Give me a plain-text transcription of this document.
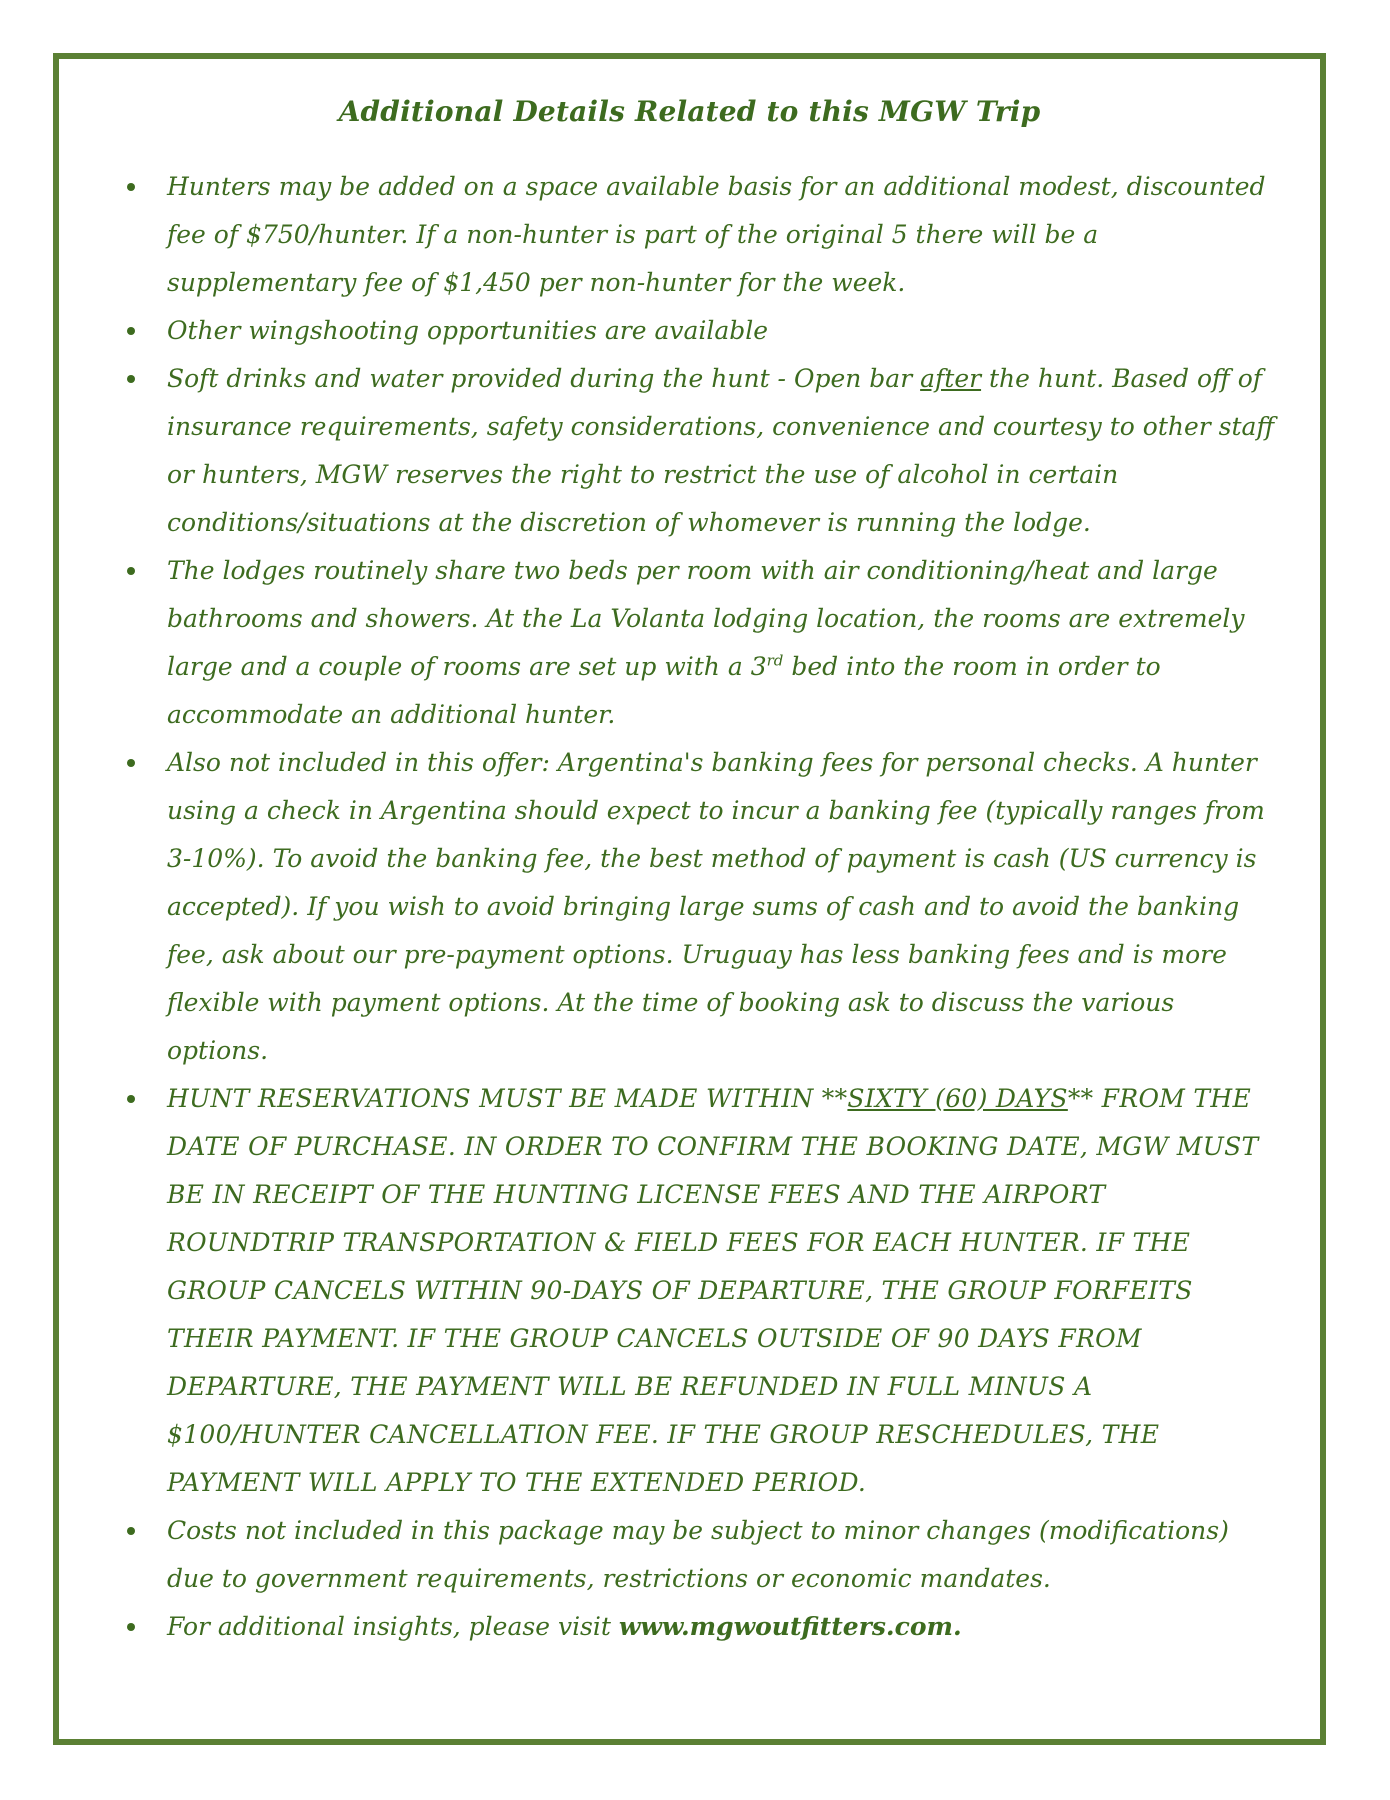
Additional Details Related to this MGW Trip
Hunters may be added on a space available basis for an additional modest, discounted fee of $750/hunter. If a non-hunter is part of the original 5 there will be a supplementary fee of $1,450 per non-hunter for the week.
Other wingshooting opportunities are available
Soft drinks and water provided during the hunt - Open bar after the hunt. Based off of insurance requirements, safety considerations, convenience and courtesy to other staff or hunters, MGW reserves the right to restrict the use of alcohol in certain conditions/situations at the discretion of whomever is running the lodge.
The lodges routinely share two beds per room with air conditioning/heat and large bathrooms and showers. At the La Volanta lodging location, the rooms are extremely large and a couple of rooms are set up with a 3rd bed into the room in order to accommodate an additional hunter.
Also not included in this offer: Argentina's banking fees for personal checks. A hunter using a check in Argentina should expect to incur a banking fee (typically ranges from 3-10%). To avoid the banking fee, the best method of payment is cash (US currency is accepted). If you wish to avoid bringing large sums of cash and to avoid the banking fee, ask about our pre-payment options. Uruguay has less banking fees and is more flexible with payment options. At the time of booking ask to discuss the various options.
HUNT RESERVATIONS MUST BE MADE WITHIN **SIXTY (60) DAYS** FROM THE DATE OF PURCHASE. IN ORDER TO CONFIRM THE BOOKING DATE, MGW MUST BE IN RECEIPT OF THE HUNTING LICENSE FEES AND THE AIRPORT ROUNDTRIP TRANSPORTATION & FIELD FEES FOR EACH HUNTER. IF THE GROUP CANCELS WITHIN 90-DAYS OF DEPARTURE, THE GROUP FORFEITS THEIR PAYMENT. IF THE GROUP CANCELS OUTSIDE OF 90 DAYS FROM DEPARTURE, THE PAYMENT WILL BE REFUNDED IN FULL MINUS A $100/HUNTER CANCELLATION FEE. IF THE GROUP RESCHEDULES, THE PAYMENT WILL APPLY TO THE EXTENDED PERIOD.
Costs not included in this package may be subject to minor changes (modifications) due to government requirements, restrictions or economic mandates.
For additional insights, please visit www.mgwoutfitters.com.
